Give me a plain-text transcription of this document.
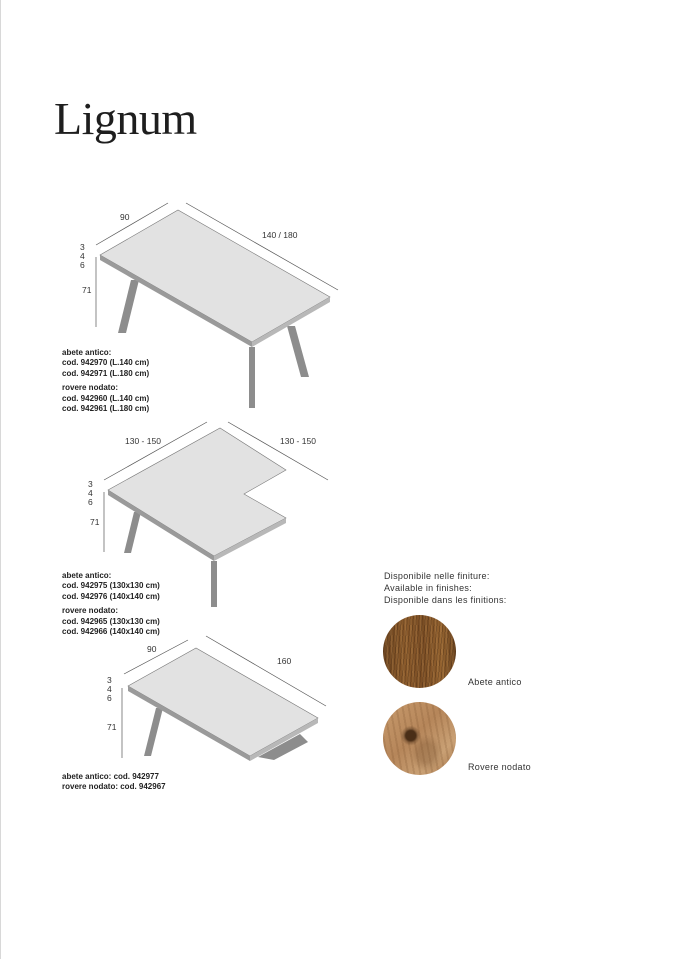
Lignum
90
140 / 180
3
4
6
71
130 - 150	130 - 150
3
4
6
71
90
160
3
4
6
71
abete antico:
cod. 942970 (L.140 cm)
cod. 942971 (L.180 cm)
rovere nodato:
cod. 942960 (L.140 cm)
cod. 942961 (L.180 cm)
abete antico:
cod. 942975 (130x130 cm)
cod. 942976 (140x140 cm)
rovere nodato:
cod. 942965 (130x130 cm)
cod. 942966 (140x140 cm)
abete antico: cod. 942977
rovere nodato: cod. 942967
Disponibile nelle finiture:
Available in finishes:
Disponible dans les finitions:
Abete antico
Rovere nodato
